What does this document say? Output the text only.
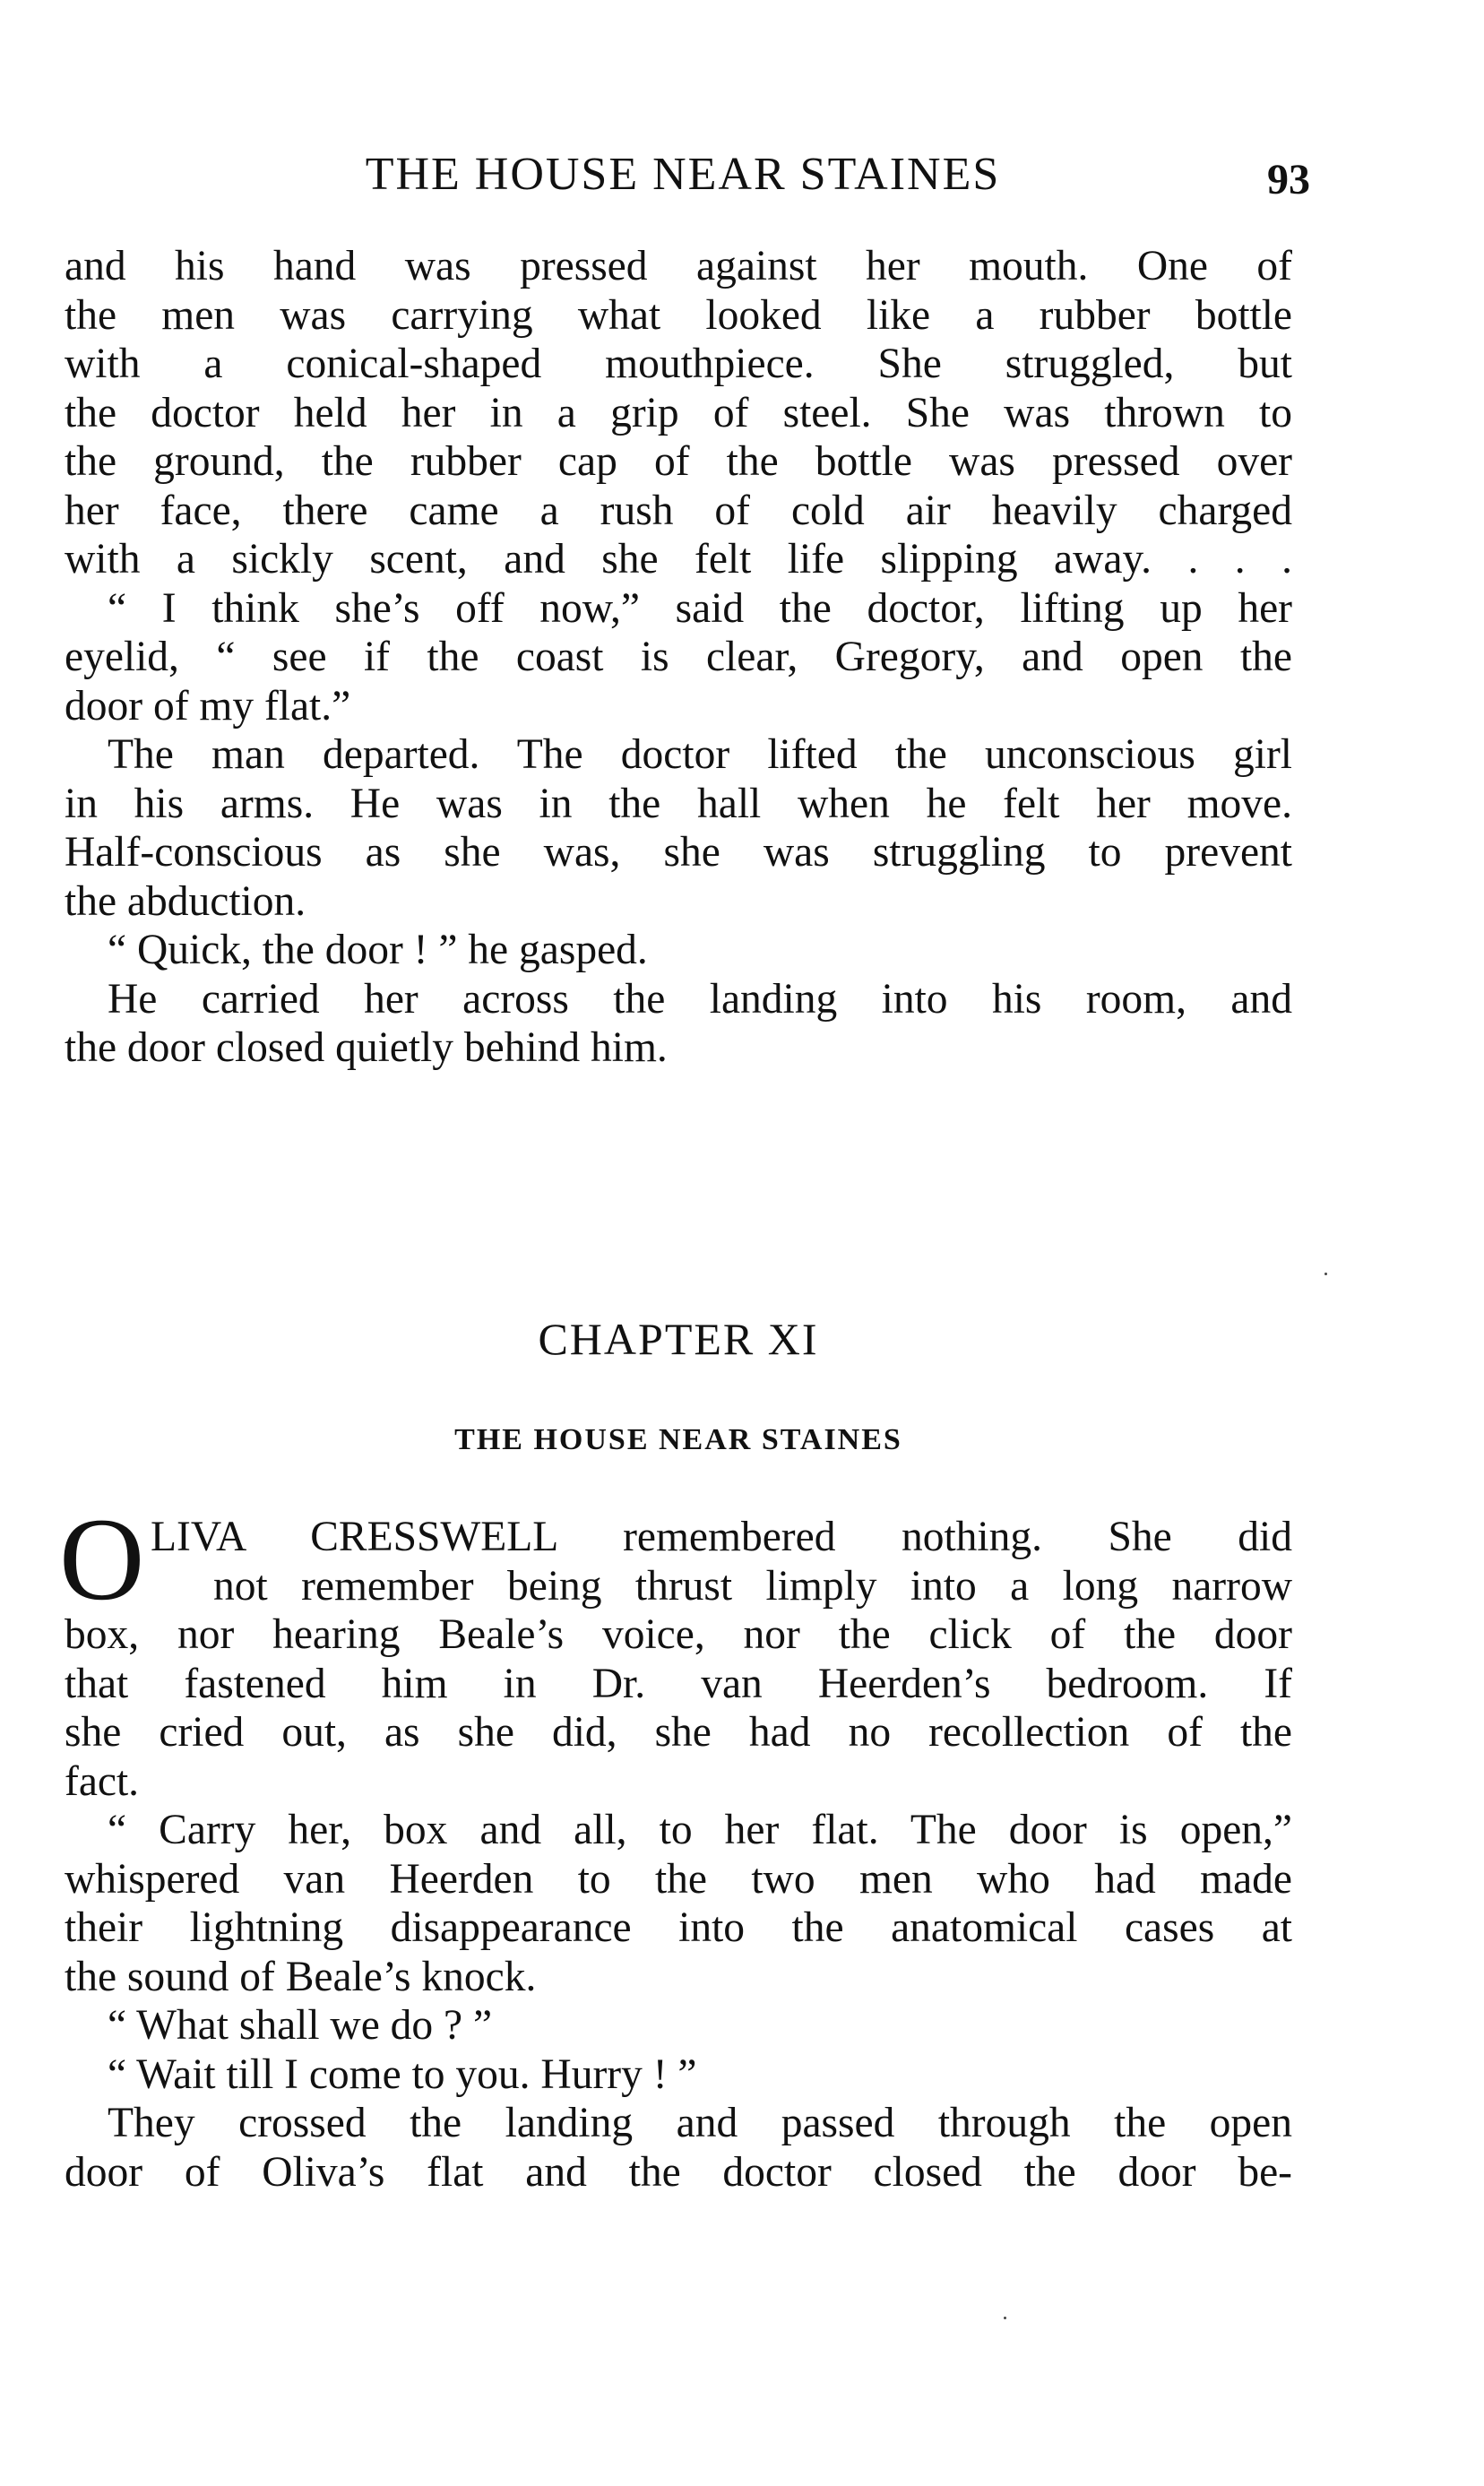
THE HOUSE NEAR STAINES	93
and his hand was pressed against her mouth. One of
the men was carrying what looked like a rubber bottle
with a conical-shaped mouthpiece. She struggled, but
the doctor held her in a grip of steel. She was thrown to
the ground, the rubber cap of the bottle was pressed over
her face, there came a rush of cold air heavily charged
with a sickly scent, and she felt life slipping away. . . .
“ I think she’s off now,” said the doctor, lifting up her
eyelid, “ see if the coast is clear, Gregory, and open the
door of my flat.”
The man departed. The doctor lifted the unconscious girl
in his arms. He was in the hall when he felt her move.
Half-conscious as she was, she was struggling to prevent
the abduction.
“ Quick, the door ! ” he gasped.
He carried her across the landing into his room, and
the door closed quietly behind him.
CHAPTER XI
THE HOUSE NEAR STAINES
O LIVA CRESSWELL remembered nothing. She did
not remember being thrust limply into a long narrow
box, nor hearing Beale’s voice, nor the click of the door
that fastened him in Dr. van Heerden’s bedroom. If
she cried out, as she did, she had no recollection of the
fact.
“ Carry her, box and all, to her flat. The door is open,”
whispered van Heerden to the two men who had made
their lightning disappearance into the anatomical cases at
the sound of Beale’s knock.
“ What shall we do ? ”
“ Wait till I come to you. Hurry ! ”
They crossed the landing and passed through the open
door of Oliva’s flat and the doctor closed the door be-
